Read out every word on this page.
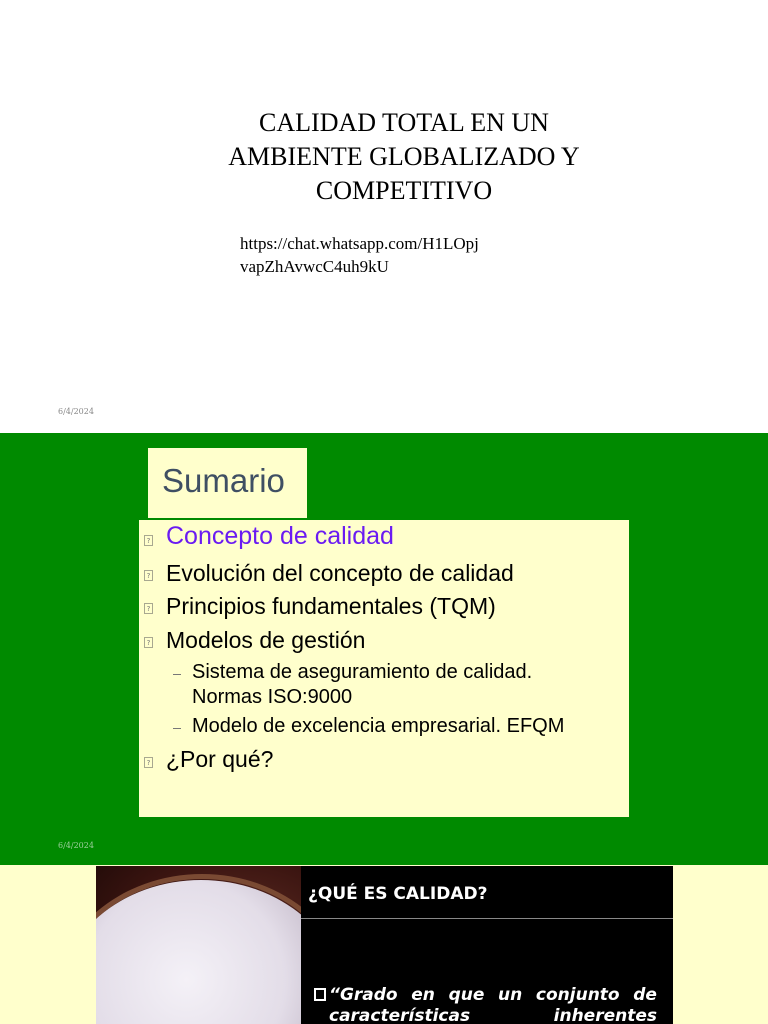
CALIDAD TOTAL EN UN
AMBIENTE GLOBALIZADO Y
COMPETITIVO
https://chat.whatsapp.com/H1LOpj
vapZhAvwcC4uh9kU
6/4/2024
Sumario
? Concepto de calidad
? Evolución del concepto de calidad
? Principios fundamentales (TQM)
? Modelos de gestión
Sistema de aseguramiento de calidad.
Normas ISO:9000
Modelo de excelencia empresarial. EFQM
? ¿Por qué?
6/4/2024
¿QUÉ ES CALIDAD?
“Grado en que un conjunto de
características	inherentes
